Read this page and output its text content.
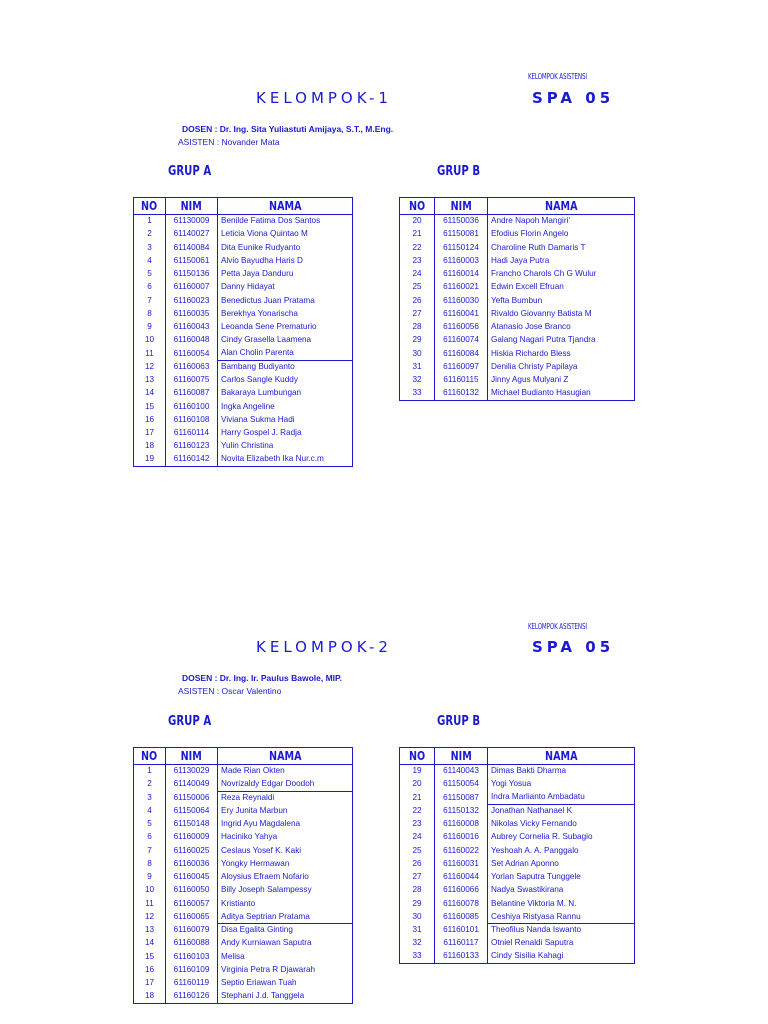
KELOMPOK ASISTENSI
KELOMPOK-1	SPA 05
DOSEN : Dr. Ing. Sita Yuliastuti Amijaya, S.T., M.Eng.
ASISTEN : Novander Mata
GRUP A	GRUP B
NO	NIM	NAMA
1	61130009	Benilde Fatima Dos Santos
2	61140027	Leticia Viona Quintao M
3	61140084	Dita Eunike Rudyanto
4	61150061	Alvio Bayudha Haris D
5	61150136	Petta Jaya Danduru
6	61160007	Danny Hidayat
7	61160023	Benedictus Juan Pratama
8	61160035	Berekhya Yonarischa
9	61160043	Leoanda Sene Prematurio
10	61160048	Cindy Grasella Laamena
11	61160054	Alan Cholin Parenta
12	61160063	Bambang Budiyanto
13	61160075	Carlos Sangle Kuddy
14	61160087	Bakaraya Lumbungan
15	61160100	Ingka Angeline
16	61160108	Viviana Sukma Hadi
17	61160114	Harry Gospel J. Radja
18	61160123	Yulin Christina
19	61160142	Novita Elizabeth Ika Nur.c.m
NO	NIM	NAMA
20	61150036	Andre Napoh Mangiri'
21	61150081	Efodius Florin Angelo
22	61150124	Charoline Ruth Damaris T
23	61160003	Hadi Jaya Putra
24	61160014	Francho Charols Ch G Wulur
25	61160021	Edwin Excell Efruan
26	61160030	Yefta Bumbun
27	61160041	Rivaldo Giovanny Batista M
28	61160056	Atanasio Jose Branco
29	61160074	Galang Nagari Putra Tjandra
30	61160084	Hiskia Richardo Bless
31	61160097	Denilia Christy Papilaya
32	61160115	Jinny Agus Mulyani Z
33	61160132	Michael Budianto Hasugian
KELOMPOK ASISTENSI
KELOMPOK-2	SPA 05
DOSEN : Dr. Ing. Ir. Paulus Bawole, MIP.
ASISTEN : Oscar Valentino
GRUP A	GRUP B
NO	NIM	NAMA
1	61130029	Made Rian Okten
2	61140049	Novrizaldy Edgar Doodoh
3	61150006	Reza Reynaldi
4	61150064	Ery Junita Marbun
5	61150148	Ingrid Ayu Magdalena
6	61160009	Haciniko Yahya
7	61160025	Ceslaus Yosef K. Kaki
8	61160036	Yongky Hermawan
9	61160045	Aloysius Efraem Nofario
10	61160050	Billy Joseph Salampessy
11	61160057	Kristianto
12	61160065	Aditya Septrian Pratama
13	61160079	Disa Egalita Ginting
14	61160088	Andy Kurniawan Saputra
15	61160103	Melisa
16	61160109	Virginia Petra R Djawarah
17	61160119	Septio Eriawan Tuah
18	61160126	Stephani J.d. Tanggela
NO	NIM	NAMA
19	61140043	Dimas Bakti Dharma
20	61150054	Yogi Yosua
21	61150087	Indra Marlianto Ambadatu
22	61150132	Jonathan Nathanael K
23	61160008	Nikolas Vicky Fernando
24	61160016	Aubrey Cornelia R. Subagio
25	61160022	Yeshoah A. A. Panggalo
26	61160031	Set Adrian Aponno
27	61160044	Yorlan Saputra Tunggele
28	61160066	Nadya Swastikirana
29	61160078	Belantine Viktoria M. N.
30	61160085	Ceshiya Ristyasa Rannu
31	61160101	Theofilus Nanda Iswanto
32	61160117	Otniel Renaldi Saputra
33	61160133	Cindy Sisilia Kahagi
